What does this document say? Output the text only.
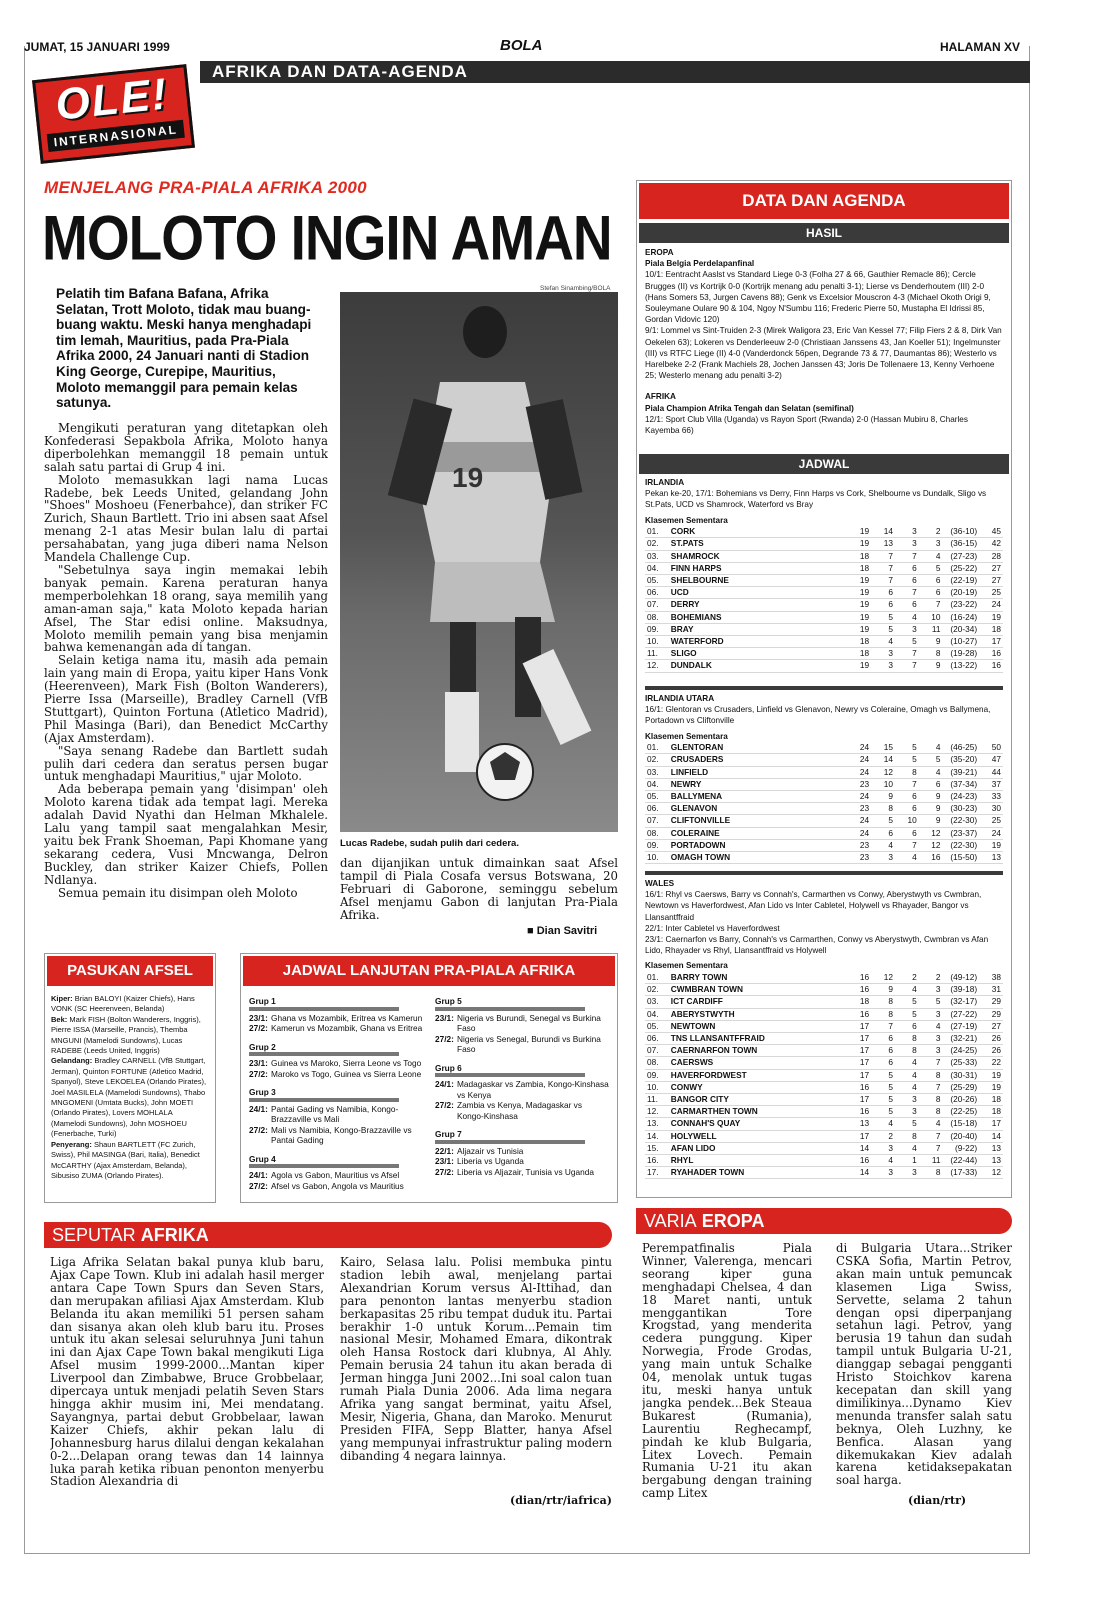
JUMAT, 15 JANUARI 1999	BOLA	HALAMAN XV
AFRIKA DAN DATA-AGENDA
OLE!
INTERNASIONAL
MENJELANG PRA-PIALA AFRIKA 2000
MOLOTO INGIN AMAN
Pelatih tim Bafana Bafana, Afrika Selatan, Trott Moloto, tidak mau buang-buang waktu. Meski hanya menghadapi tim lemah, Mauritius, pada Pra-Piala Afrika 2000, 24 Januari nanti di Stadion King George, Curepipe, Mauritius, Moloto memanggil para pemain kelas satunya.

Mengikuti peraturan yang ditetapkan oleh Konfederasi Sepakbola Afrika, Moloto hanya diperbolehkan memanggil 18 pemain untuk salah satu partai di Grup 4 ini.

Moloto memasukkan lagi nama Lucas Radebe, bek Leeds United, gelandang John "Shoes" Moshoeu (Fenerbahce), dan striker FC Zurich, Shaun Bartlett. Trio ini absen saat Afsel menang 2-1 atas Mesir bulan lalu di partai persahabatan, yang juga diberi nama Nelson Mandela Challenge Cup.

"Sebetulnya saya ingin memakai lebih banyak pemain. Karena peraturan hanya memperbolehkan 18 orang, saya memilih yang aman-aman saja," kata Moloto kepada harian Afsel, The Star edisi online. Maksudnya, Moloto memilih pemain yang bisa menjamin bahwa kemenangan ada di tangan.

Selain ketiga nama itu, masih ada pemain lain yang main di Eropa, yaitu kiper Hans Vonk (Heerenveen), Mark Fish (Bolton Wanderers), Pierre Issa (Marseille), Bradley Carnell (VfB Stuttgart), Quinton Fortuna (Atletico Madrid), Phil Masinga (Bari), dan Benedict McCarthy (Ajax Amsterdam).

"Saya senang Radebe dan Bartlett sudah pulih dari cedera dan seratus persen bugar untuk menghadapi Mauritius," ujar Moloto.

Ada beberapa pemain yang 'disimpan' oleh Moloto karena tidak ada tempat lagi. Mereka adalah David Nyathi dan Helman Mkhalele. Lalu yang tampil saat mengalahkan Mesir, yaitu bek Frank Shoeman, Papi Khomane yang sekarang cedera, Vusi Mncwanga, Delron Buckley, dan striker Kaizer Chiefs, Pollen Ndlanya.

Semua pemain itu disimpan oleh Moloto

Stefan Sinambing/BOLA
19
Lucas Radebe, sudah pulih dari cedera.
dan dijanjikan untuk dimainkan saat Afsel tampil di Piala Cosafa versus Botswana, 20 Februari di Gaborone, seminggu sebelum Afsel menjamu Gabon di lanjutan Pra-Piala Afrika.
■ Dian Savitri
PASUKAN AFSEL
Kiper: Brian BALOYI (Kaizer Chiefs), Hans VONK (SC Heerenveen, Belanda)
Bek: Mark FISH (Bolton Wanderers, Inggris), Pierre ISSA (Marseille, Prancis), Themba MNGUNI (Mamelodi Sundowns), Lucas RADEBE (Leeds United, Inggris)
Gelandang: Bradley CARNELL (VfB Stuttgart, Jerman), Quinton FORTUNE (Atletico Madrid, Spanyol), Steve LEKOELEA (Orlando Pirates), Joel MASILELA (Mamelodi Sundowns), Thabo MNGOMENI (Umtata Bucks), John MOETI (Orlando Pirates), Lovers MOHLALA (Mamelodi Sundowns), John MOSHOEU (Fenerbache, Turki)
Penyerang: Shaun BARTLETT (FC Zurich, Swiss), Phil MASINGA (Bari, Italia), Benedict McCARTHY (Ajax Amsterdam, Belanda), Sibusiso ZUMA (Orlando Pirates).
JADWAL LANJUTAN PRA-PIALA AFRIKA
Grup 1
23/1: Ghana vs Mozambik, Eritrea vs Kamerun
27/2: Kamerun vs Mozambik, Ghana vs Eritrea
Grup 2
23/1: Guinea vs Maroko, Sierra Leone vs Togo
27/2: Maroko vs Togo, Guinea vs Sierra Leone
Grup 3
24/1: Pantai Gading vs Namibia, Kongo-Brazzaville vs Mali
27/2: Mali vs Namibia, Kongo-Brazzaville vs Pantai Gading
Grup 4
24/1: Agola vs Gabon, Mauritius vs Afsel
27/2: Afsel vs Gabon, Angola vs Mauritius
Grup 5
23/1: Nigeria vs Burundi, Senegal vs Burkina Faso
27/2: Nigeria vs Senegal, Burundi vs Burkina Faso
Grup 6
24/1: Madagaskar vs Zambia, Kongo-Kinshasa vs Kenya
27/2: Zambia vs Kenya, Madagaskar vs Kongo-Kinshasa
Grup 7
22/1: Aljazair vs Tunisia
23/1: Liberia vs Uganda
27/2: Liberia vs Aljazair, Tunisia vs Uganda
DATA DAN AGENDA
HASIL
EROPA
Piala Belgia Perdelapanfinal
10/1: Eentracht Aaslst vs Standard Liege 0-3 (Folha 27 & 66, Gauthier Remacle 86); Cercle Brugges (II) vs Kortrijk 0-0 (Kortrijk menang adu penalti 3-1); Lierse vs Denderhoutem (III) 2-0 (Hans Somers 53, Jurgen Cavens 88); Genk vs Excelsior Mouscron 4-3 (Michael Okoth Origi 9, Souleymane Oulare 90 & 104, Ngoy N'Sumbu 116; Frederic Pierre 50, Mustapha El Idrissi 85, Gordan Vidovic 120)
9/1: Lommel vs Sint-Truiden 2-3 (Mirek Waligora 23, Eric Van Kessel 77; Filip Fiers 2 & 8, Dirk Van Oekelen 63); Lokeren vs Denderleeuw 2-0 (Christiaan Janssens 43, Jan Koeller 51); Ingelmunster (III) vs RTFC Liege (II) 4-0 (Vanderdonck 56pen, Degrande 73 & 77, Daumantas 86); Westerlo vs Harelbeke 2-2 (Frank Machiels 28, Jochen Janssen 43; Joris De Tollenaere 13, Kenny Verhoene 25; Westerlo menang adu penalti 3-2)
AFRIKA
Piala Champion Afrika Tengah dan Selatan (semifinal)
12/1: Sport Club Villa (Uganda) vs Rayon Sport (Rwanda) 2-0 (Hassan Mubiru 8, Charles Kayemba 66)
JADWAL
IRLANDIA
Pekan ke-20, 17/1: Bohemians vs Derry, Finn Harps vs Cork, Shelbourne vs Dundalk, Sligo vs St.Pats, UCD vs Shamrock, Waterford vs Bray
Klasemen Sementara
01.	CORK	19	14	3	2	(36-10)	45
02.	ST.PATS	19	13	3	3	(36-15)	42
03.	SHAMROCK	18	7	7	4	(27-23)	28
04.	FINN HARPS	18	7	6	5	(25-22)	27
05.	SHELBOURNE	19	7	6	6	(22-19)	27
06.	UCD	19	6	7	6	(20-19)	25
07.	DERRY	19	6	6	7	(23-22)	24
08.	BOHEMIANS	19	5	4	10	(16-24)	19
09.	BRAY	19	5	3	11	(20-34)	18
10.	WATERFORD	18	4	5	9	(10-27)	17
11.	SLIGO	18	3	7	8	(19-28)	16
12.	DUNDALK	19	3	7	9	(13-22)	16
IRLANDIA UTARA
16/1: Glentoran vs Crusaders, Linfield vs Glenavon, Newry vs Coleraine, Omagh vs Ballymena, Portadown vs Cliftonville
Klasemen Sementara
01.	GLENTORAN	24	15	5	4	(46-25)	50
02.	CRUSADERS	24	14	5	5	(35-20)	47
03.	LINFIELD	24	12	8	4	(39-21)	44
04.	NEWRY	23	10	7	6	(37-34)	37
05.	BALLYMENA	24	9	6	9	(24-23)	33
06.	GLENAVON	23	8	6	9	(30-23)	30
07.	CLIFTONVILLE	24	5	10	9	(22-30)	25
08.	COLERAINE	24	6	6	12	(23-37)	24
09.	PORTADOWN	23	4	7	12	(22-30)	19
10.	OMAGH TOWN	23	3	4	16	(15-50)	13
WALES
16/1: Rhyl vs Caersws, Barry vs Connah's, Carmarthen vs Conwy, Aberystwyth vs Cwmbran, Newtown vs Haverfordwest, Afan Lido vs Inter Cabletel, Holywell vs Rhayader, Bangor vs Llansantffraid
22/1: Inter Cabletel vs Haverfordwest
23/1: Caernarfon vs Barry, Connah's vs Carmarthen, Conwy vs Aberystwyth, Cwmbran vs Afan Lido, Rhayader vs Rhyl, Llansantffraid vs Holywell
Klasemen Sementara
01.	BARRY TOWN	16	12	2	2	(49-12)	38
02.	CWMBRAN TOWN	16	9	4	3	(39-18)	31
03.	ICT CARDIFF	18	8	5	5	(32-17)	29
04.	ABERYSTWYTH	16	8	5	3	(27-22)	29
05.	NEWTOWN	17	7	6	4	(27-19)	27
06.	TNS LLANSANTFFRAID	17	6	8	3	(32-21)	26
07.	CAERNARFON TOWN	17	6	8	3	(24-25)	26
08.	CAERSWS	17	6	4	7	(25-33)	22
09.	HAVERFORDWEST	17	5	4	8	(30-31)	19
10.	CONWY	16	5	4	7	(25-29)	19
11.	BANGOR CITY	17	5	3	8	(20-26)	18
12.	CARMARTHEN TOWN	16	5	3	8	(22-25)	18
13.	CONNAH'S QUAY	13	4	5	4	(15-18)	17
14.	HOLYWELL	17	2	8	7	(20-40)	14
15.	AFAN LIDO	14	3	4	7	(9-22)	13
16.	RHYL	16	4	1	11	(22-44)	13
17.	RYAHADER TOWN	14	3	3	8	(17-33)	12
SEPUTAR AFRIKA
Liga Afrika Selatan bakal punya klub baru, Ajax Cape Town. Klub ini adalah hasil merger antara Cape Town Spurs dan Seven Stars, dan merupakan afiliasi Ajax Amsterdam. Klub Belanda itu akan memiliki 51 persen saham dan sisanya akan oleh klub baru itu. Proses untuk itu akan selesai seluruhnya Juni tahun ini dan Ajax Cape Town bakal mengikuti Liga Afsel musim 1999-2000...Mantan kiper Liverpool dan Zimbabwe, Bruce Grobbelaar, dipercaya untuk menjadi pelatih Seven Stars hingga akhir musim ini, Mei mendatang. Sayangnya, partai debut Grobbelaar, lawan Kaizer Chiefs, akhir pekan lalu di Johannesburg harus dilalui dengan kekalahan 0-2...Delapan orang tewas dan 14 lainnya luka parah ketika ribuan penonton menyerbu Stadion Alexandria di
Kairo, Selasa lalu. Polisi membuka pintu stadion lebih awal, menjelang partai Alexandrian Korum versus Al-Ittihad, dan para penonton lantas menyerbu stadion berkapasitas 25 ribu tempat duduk itu. Partai berakhir 1-0 untuk Korum...Pemain tim nasional Mesir, Mohamed Emara, dikontrak oleh Hansa Rostock dari klubnya, Al Ahly. Pemain berusia 24 tahun itu akan berada di Jerman hingga Juni 2002...Ini soal calon tuan rumah Piala Dunia 2006. Ada lima negara Afrika yang sangat berminat, yaitu Afsel, Mesir, Nigeria, Ghana, dan Maroko. Menurut Presiden FIFA, Sepp Blatter, hanya Afsel yang mempunyai infrastruktur paling modern dibanding 4 negara lainnya.
(dian/rtr/iafrica)
VARIA EROPA
Perempatfinalis Piala Winner, Valerenga, mencari seorang kiper guna menghadapi Chelsea, 4 dan 18 Maret nanti, untuk menggantikan Tore Krogstad, yang menderita cedera punggung. Kiper Norwegia, Frode Grodas, yang main untuk Schalke 04, menolak untuk tugas itu, meski hanya untuk jangka pendek...Bek Steaua Bukarest (Rumania), Laurentiu Reghecampf, pindah ke klub Bulgaria, Litex Lovech. Pemain Rumania U-21 itu akan bergabung dengan training camp Litex
di Bulgaria Utara...Striker CSKA Sofia, Martin Petrov, akan main untuk pemuncak klasemen Liga Swiss, Servette, selama 2 tahun dengan opsi diperpanjang setahun lagi. Petrov, yang berusia 19 tahun dan sudah tampil untuk Bulgaria U-21, dianggap sebagai pengganti Hristo Stoichkov karena kecepatan dan skill yang dimilikinya...Dynamo Kiev menunda transfer salah satu beknya, Oleh Luzhny, ke Benfica. Alasan yang dikemukakan Kiev adalah karena ketidaksepakatan soal harga.
(dian/rtr)
